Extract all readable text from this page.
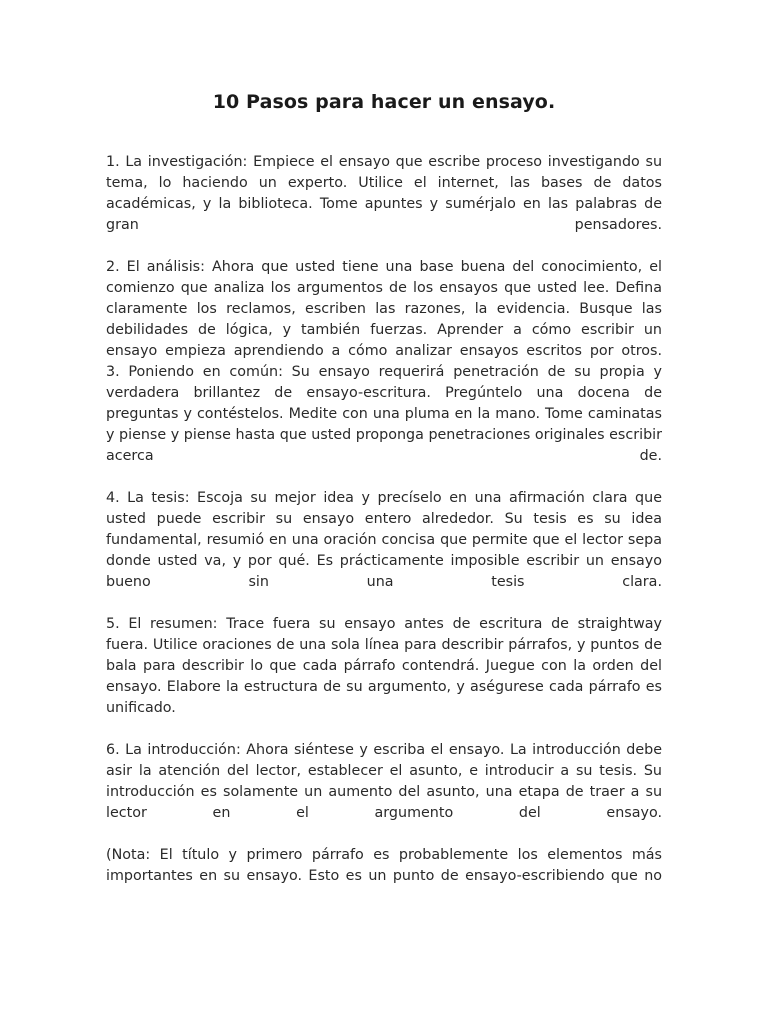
10 Pasos para hacer un ensayo.

1. La investigación: Empiece el ensayo que escribe proceso investigando su tema, lo haciendo un experto. Utilice el internet, las bases de datos académicas, y la biblioteca. Tome apuntes y sumérjalo en las palabras de gran pensadores.

2. El análisis: Ahora que usted tiene una base buena del conocimiento, el comienzo que analiza los argumentos de los ensayos que usted lee. Defina claramente los reclamos, escriben las razones, la evidencia. Busque las debilidades de lógica, y también fuerzas. Aprender a cómo escribir un ensayo empieza aprendiendo a cómo analizar ensayos escritos por otros.

3. Poniendo en común: Su ensayo requerirá penetración de su propia y verdadera brillantez de ensayo-escritura. Pregúntelo una docena de preguntas y contéstelos. Medite con una pluma en la mano. Tome caminatas y piense y piense hasta que usted proponga penetraciones originales escribir acerca de.

4. La tesis: Escoja su mejor idea y precíselo en una afirmación clara que usted puede escribir su ensayo entero alrededor. Su tesis es su idea fundamental, resumió en una oración concisa que permite que el lector sepa donde usted va, y por qué. Es prácticamente imposible escribir un ensayo bueno sin una tesis clara.

5. El resumen: Trace fuera su ensayo antes de escritura de straightway fuera. Utilice oraciones de una sola línea para describir párrafos, y puntos de bala para describir lo que cada párrafo contendrá. Juegue con la orden del ensayo. Elabore la estructura de su argumento, y aségurese cada párrafo es unificado.

6. La introducción: Ahora siéntese y escriba el ensayo. La introducción debe asir la atención del lector, establecer el asunto, e introducir a su tesis. Su introducción es solamente un aumento del asunto, una etapa de traer a su lector en el argumento del ensayo.

(Nota: El título y primero párrafo es probablemente los elementos más importantes en su ensayo. Esto es un punto de ensayo-escribiendo que no
